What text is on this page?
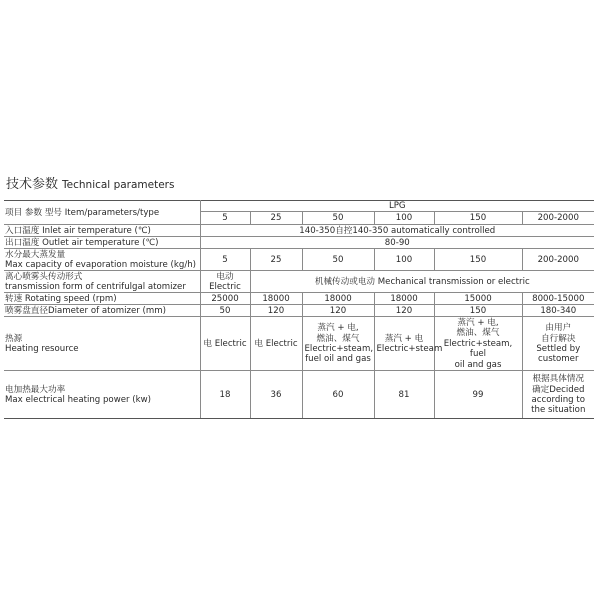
技术参数 Technical parameters
项目 参数 型号 Item/parameters/type	LPG					
	5	25	50	100	150	200-2000
入口温度 Inlet air temperature (℃)	140-350自控140-350 automatically controlled					
出口温度 Outlet air temperature (℃)	80-90					

水分最大蒸发量
Max capacity of evaporation moisture (kg/h)	5	25	50	100	150	200-2000

离心喷雾头传动形式
transmission form of centrifulgal atomizer	电动
Electric	机械传动或电动 Mechanical transmission or electric				
转速 Rotating speed (rpm)	25000	18000	18000	18000	15000	8000-15000
喷雾盘直径Diameter of atomizer (mm)	50	120	120	120	150	180-340

热源
Heating resource	电 Electric	电 Electric	蒸汽 + 电,
燃油、煤气
Electric+steam,
fuel oil and gas	蒸汽 + 电
Electric+steam	蒸汽 + 电,
燃油、煤气
Electric+steam, fuel
oil and gas	由用户
自行解决
Settled by
customer

电加热最大功率
Max electrical heating power (kw)	18	36	60	81	99	根据具体情况
确定Decided
according to
the situation
